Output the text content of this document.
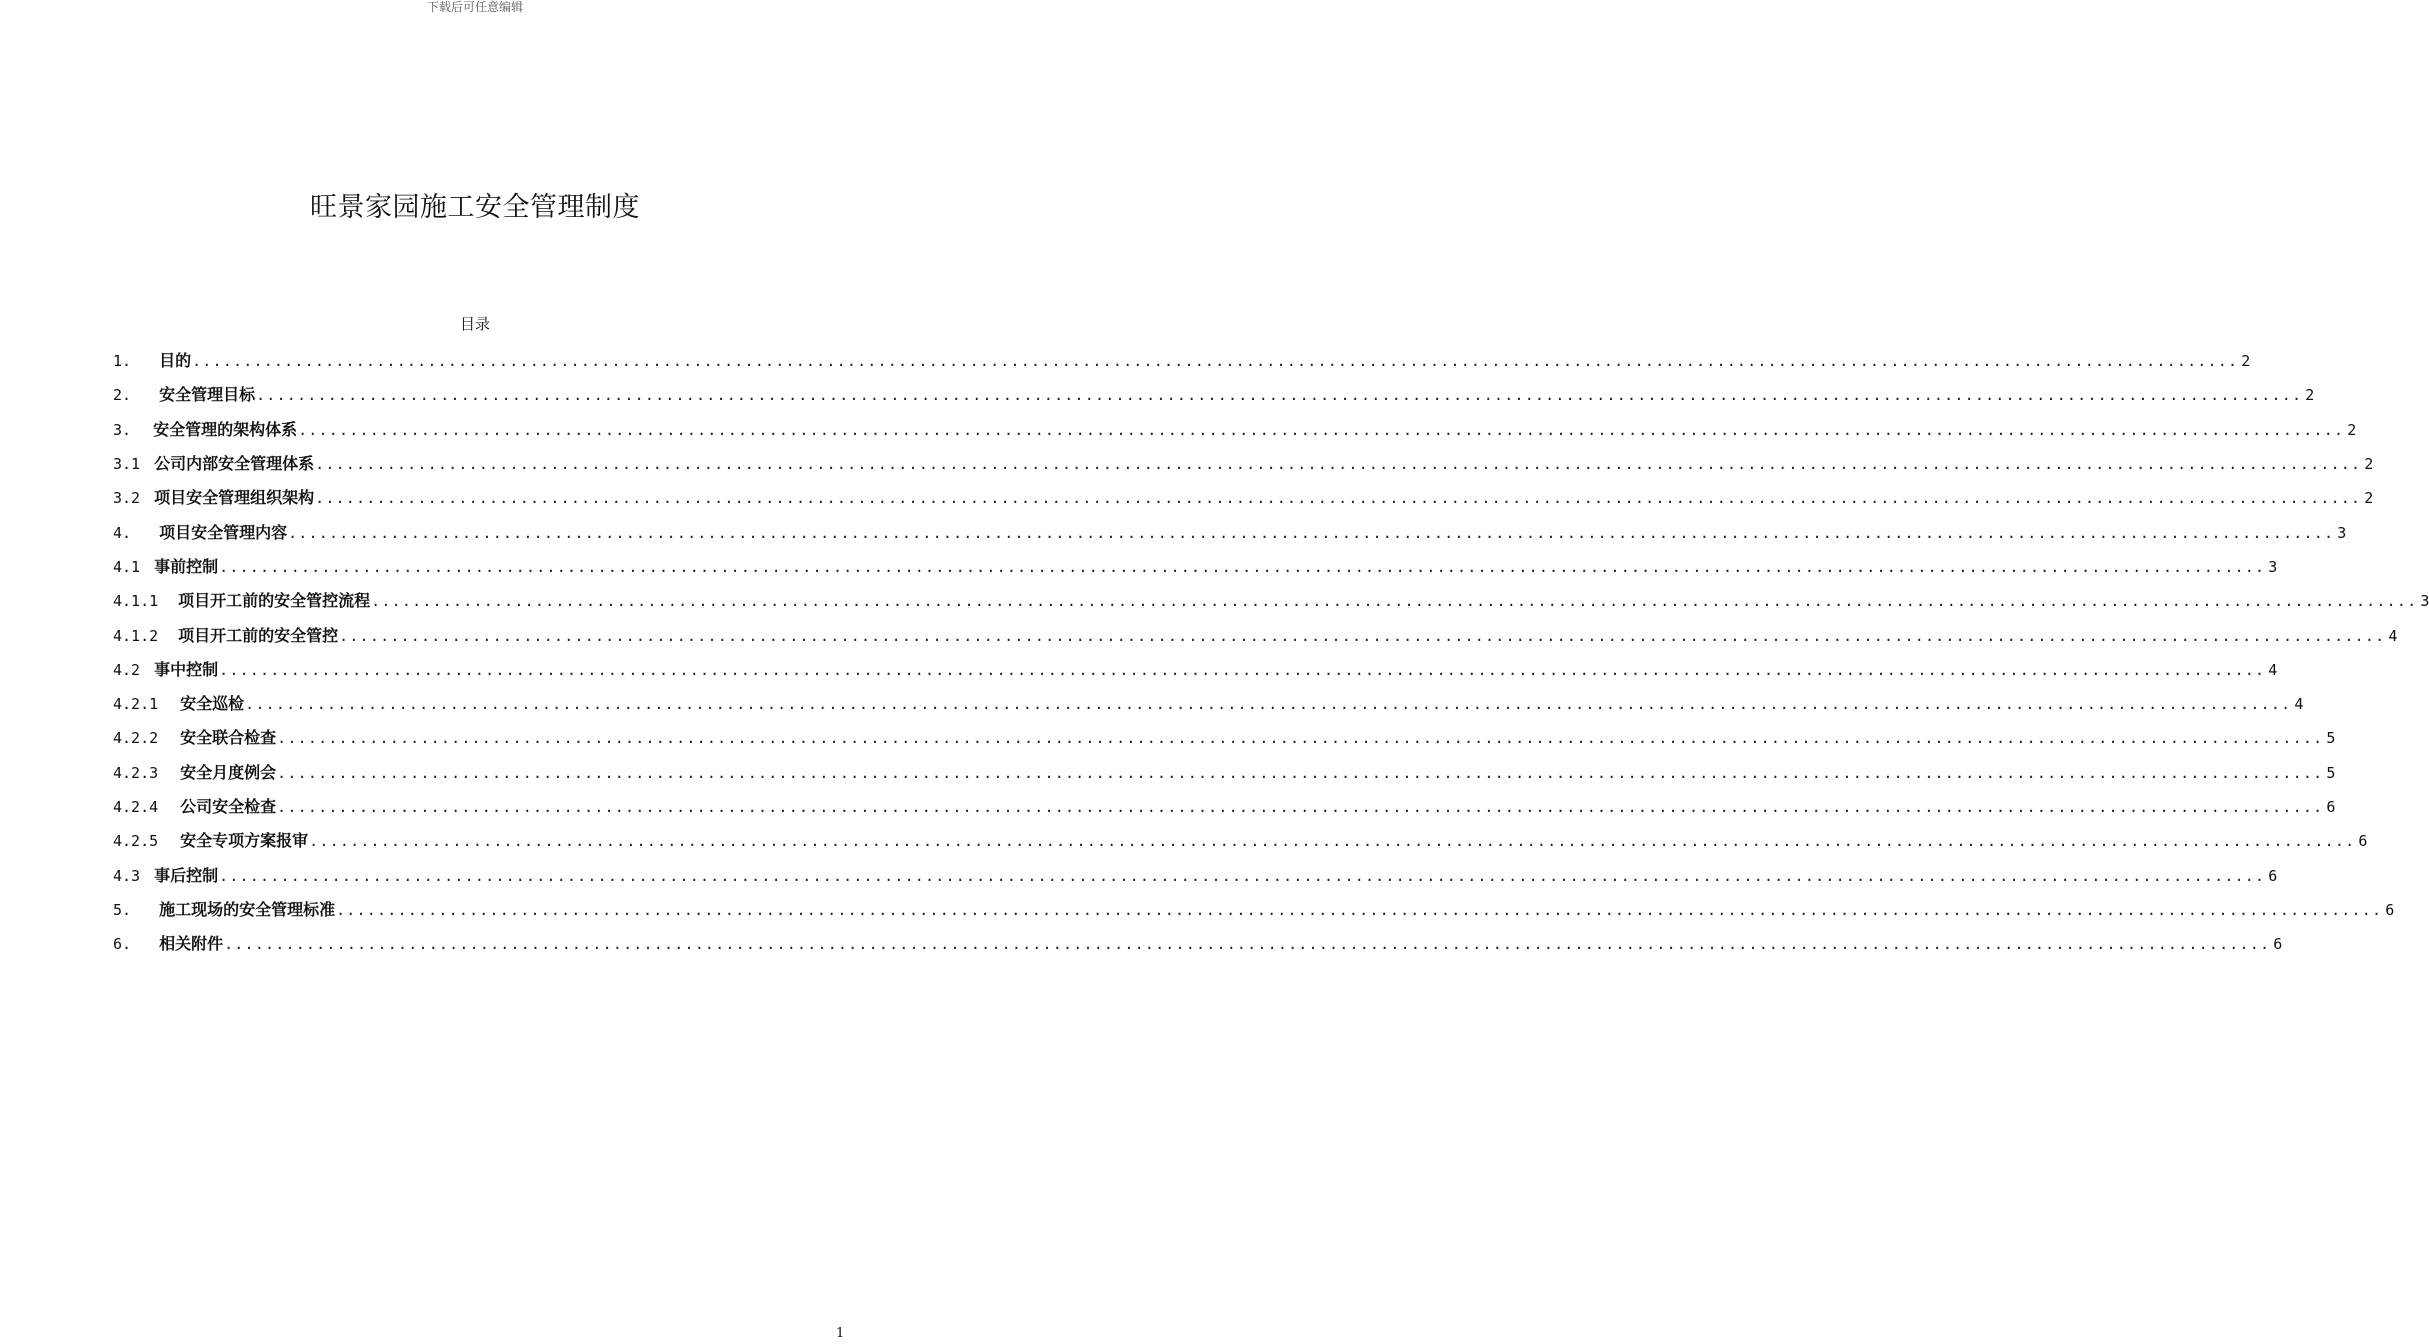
下载后可任意编辑
旺景家园施工安全管理制度
目录
1. 目的 ........................................................................................................................................................................................................ 2
2. 安全管理目标 ........................................................................................................................................................................................................ 2
3. 安全管理的架构体系 ........................................................................................................................................................................................................ 2
3.1 公司内部安全管理体系 ........................................................................................................................................................................................................ 2
3.2 项目安全管理组织架构 ........................................................................................................................................................................................................ 2
4. 项目安全管理内容 ........................................................................................................................................................................................................ 3
4.1 事前控制 ........................................................................................................................................................................................................ 3
4.1.1 项目开工前的安全管控流程 ........................................................................................................................................................................................................ 3
4.1.2 项目开工前的安全管控 ........................................................................................................................................................................................................ 4
4.2 事中控制 ........................................................................................................................................................................................................ 4
4.2.1 安全巡检 ........................................................................................................................................................................................................ 4
4.2.2 安全联合检查 ........................................................................................................................................................................................................ 5
4.2.3 安全月度例会 ........................................................................................................................................................................................................ 5
4.2.4 公司安全检查 ........................................................................................................................................................................................................ 6
4.2.5 安全专项方案报审 ........................................................................................................................................................................................................ 6
4.3 事后控制 ........................................................................................................................................................................................................ 6
5. 施工现场的安全管理标准 ........................................................................................................................................................................................................ 6
6. 相关附件 ........................................................................................................................................................................................................ 6
1
